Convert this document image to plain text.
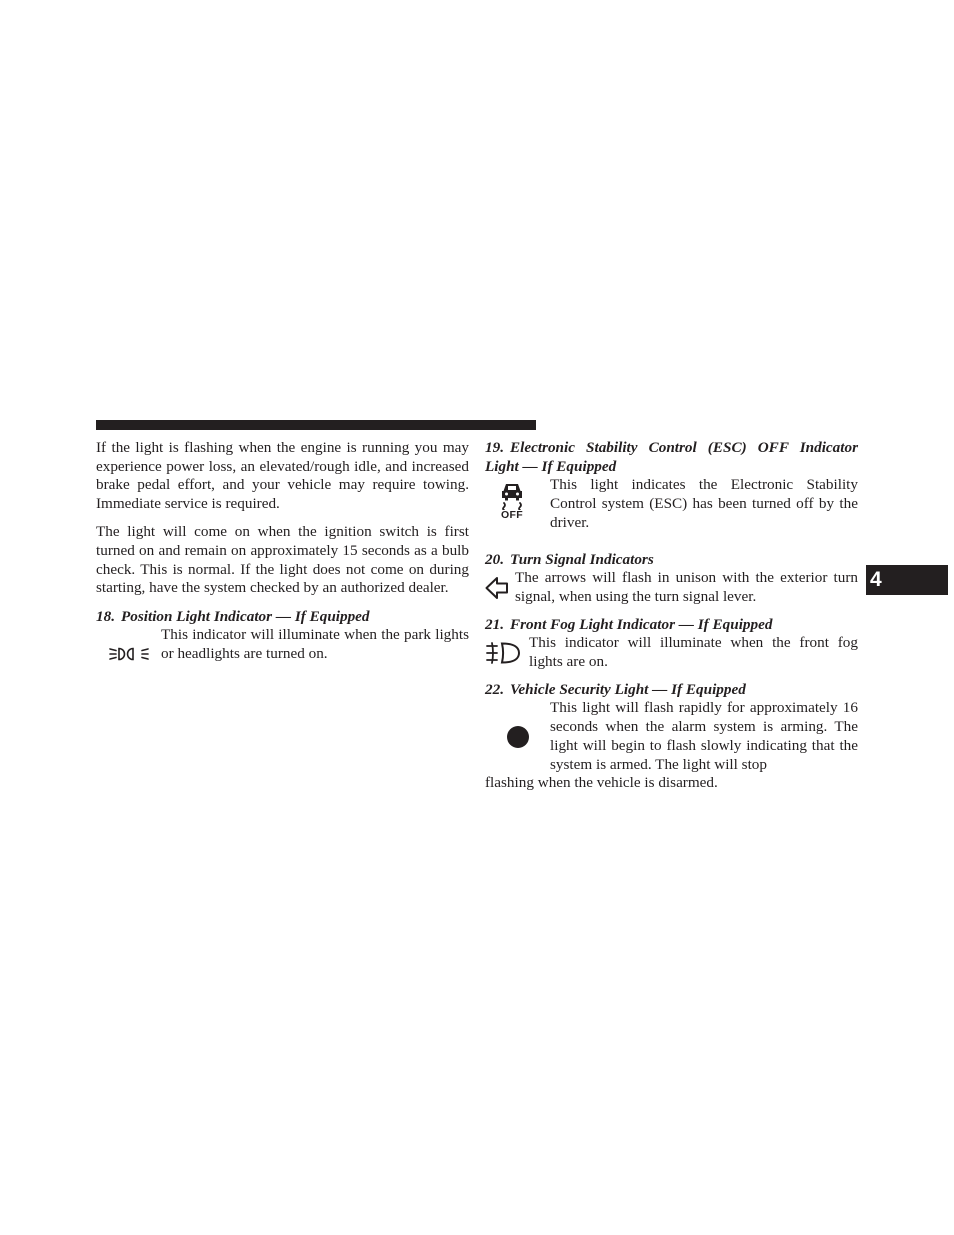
If the light is flashing when the engine is running you may experience power loss, an elevated/rough idle, and increased brake pedal effort, and your vehicle may require towing. Immediate service is required.

The light will come on when the ignition switch is first turned on and remain on approximately 15 seconds as a bulb check. This is normal. If the light does not come on during starting, have the system checked by an authorized dealer.

18. Position Light Indicator — If Equipped

This indicator will illuminate when the park lights or headlights are turned on.

19. Electronic Stability Control (ESC) OFF Indicator Light — If Equipped

OFF
This light indicates the Electronic Stability Control system (ESC) has been turned off by the driver.

20. Turn Signal Indicators

The arrows will flash in unison with the exterior turn signal, when using the turn signal lever.

21. Front Fog Light Indicator — If Equipped

This indicator will illuminate when the front fog lights are on.

22. Vehicle Security Light — If Equipped

This light will flash rapidly for approximately 16 seconds when the alarm system is arming. The light will begin to flash slowly indicating that the system is armed. The light will stop

flashing when the vehicle is disarmed.

4
